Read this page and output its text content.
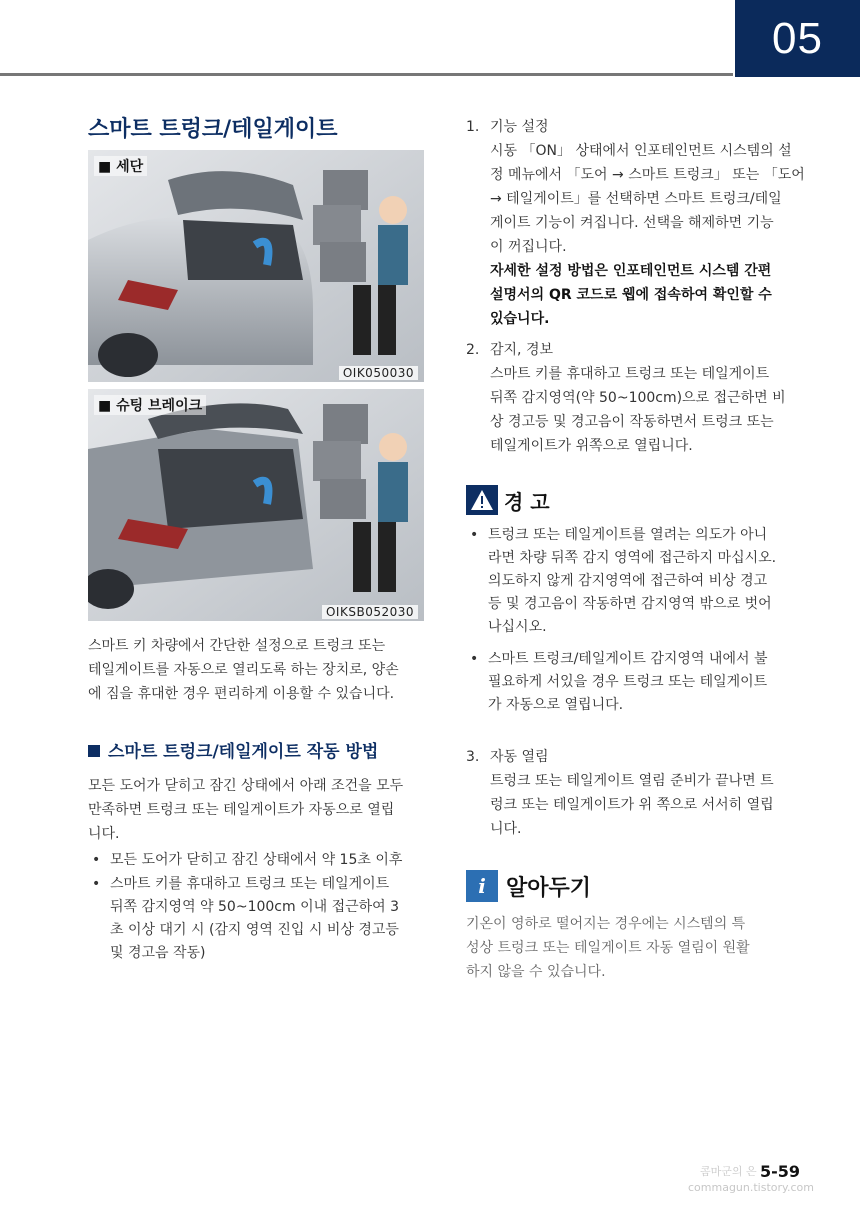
05
스마트 트렁크/테일게이트
■ 세단
OIK050030
■ 슈팅 브레이크
OIKSB052030
스마트 키 차량에서 간단한 설정으로 트렁크 또는
테일게이트를 자동으로 열리도록 하는 장치로, 양손
에 짐을 휴대한 경우 편리하게 이용할 수 있습니다.
스마트 트렁크/테일게이트 작동 방법
모든 도어가 닫히고 잠긴 상태에서 아래 조건을 모두
만족하면 트렁크 또는 테일게이트가 자동으로 열립
니다.
• 모든 도어가 닫히고 잠긴 상태에서 약 15초 이후
• 스마트 키를 휴대하고 트렁크 또는 테일게이트
뒤쪽 감지영역 약 50~100cm 이내 접근하여 3
초 이상 대기 시 (감지 영역 진입 시 비상 경고등
및 경고음 작동)
1. 기능 설정
시동 「ON」 상태에서 인포테인먼트 시스템의 설
정 메뉴에서 「도어 → 스마트 트렁크」 또는 「도어
→ 테일게이트」를 선택하면 스마트 트렁크/테일
게이트 기능이 켜집니다. 선택을 해제하면 기능
이 꺼집니다.
자세한 설정 방법은 인포테인먼트 시스템 간편
설명서의 QR 코드로 웹에 접속하여 확인할 수
있습니다.
2. 감지, 경보
스마트 키를 휴대하고 트렁크 또는 테일게이트
뒤쪽 감지영역(약 50~100cm)으로 접근하면 비
상 경고등 및 경고음이 작동하면서 트렁크 또는
테일게이트가 위쪽으로 열립니다.
경 고
• 트렁크 또는 테일게이트를 열려는 의도가 아니
라면 차량 뒤쪽 감지 영역에 접근하지 마십시오.
의도하지 않게 감지영역에 접근하여 비상 경고
등 및 경고음이 작동하면 감지영역 밖으로 벗어
나십시오.
• 스마트 트렁크/테일게이트 감지영역 내에서 불
필요하게 서있을 경우 트렁크 또는 테일게이트
가 자동으로 열립니다.
3. 자동 열림
트렁크 또는 테일게이트 열림 준비가 끝나면 트
렁크 또는 테일게이트가 위 쪽으로 서서히 열립
니다.
i 알아두기
기온이 영하로 떨어지는 경우에는 시스템의 특
성상 트렁크 또는 테일게이트 자동 열림이 원활
하지 않을 수 있습니다.
콤마군의 은 5-59
commagun.tistory.com
